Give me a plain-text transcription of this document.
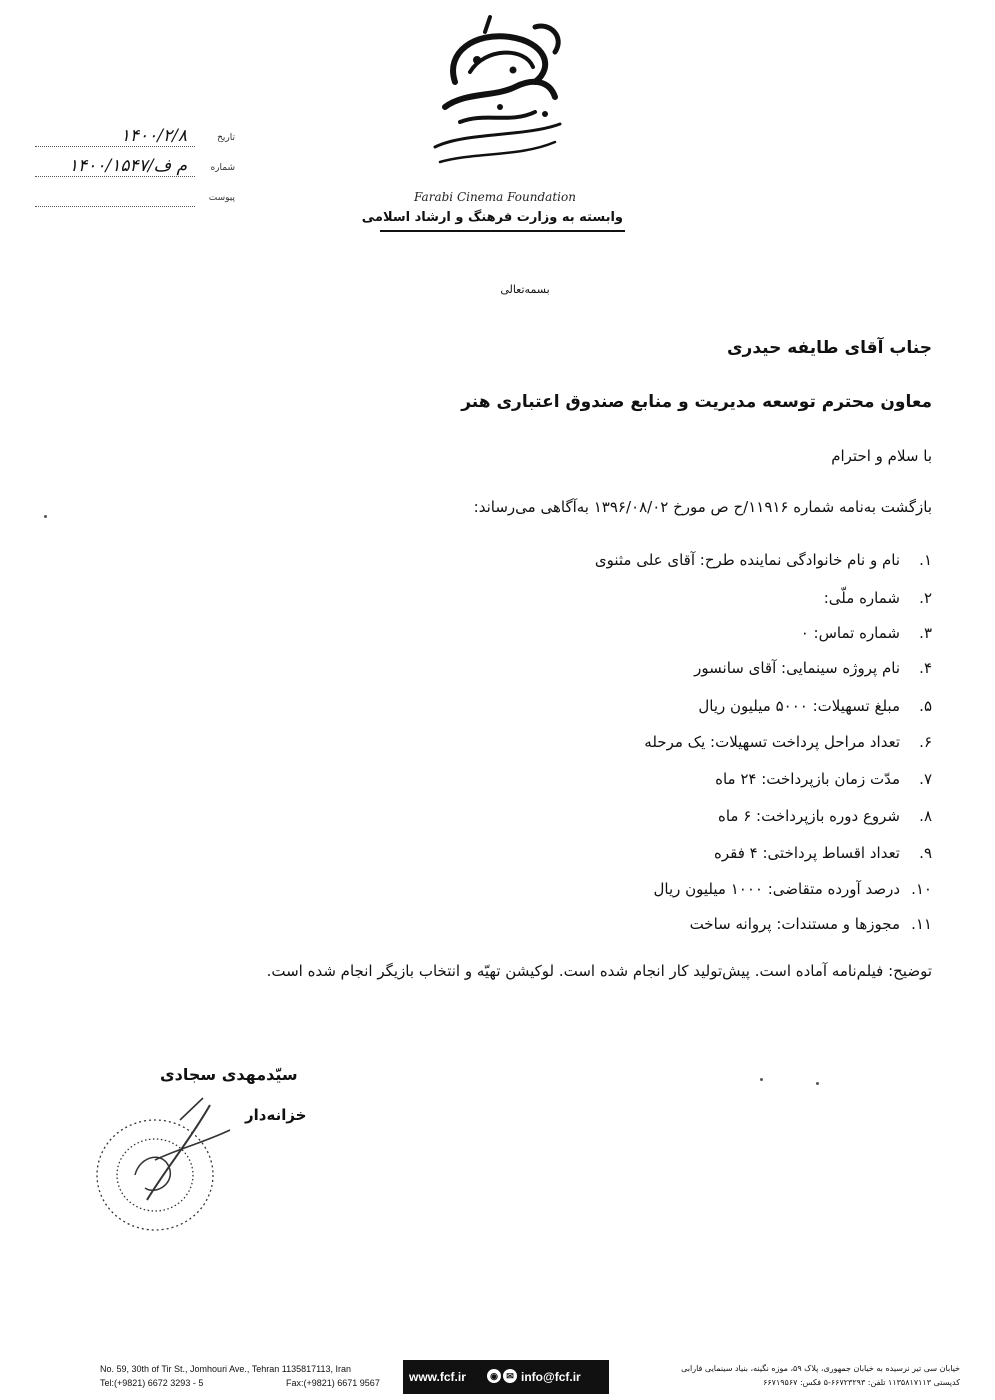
Farabi Cinema Foundation
وابسته به وزارت فرهنگ و ارشاد اسلامی
تاریخ
۱۴۰۰/۲/۸
شماره
۱۴۰۰/م ف/۱۵۴۷
پیوست
بسمه‌تعالی
جناب آقای طایفه حیدری
معاون محترم توسعه مدیریت و منابع صندوق اعتباری هنر
با سلام و احترام
بازگشت به‌نامه شماره ۱۱۹۱۶/ح ص مورخ ۱۳۹۶/۰۸/۰۲ به‌آگاهی می‌رساند:
۱.نام و نام خانوادگی نماینده طرح: آقای علی مثنوی
۲.شماره ملّی:
۳.شماره تماس: ۰
۴.نام پروژه سینمایی: آقای سانسور
۵.مبلغ تسهیلات: ۵۰۰۰ میلیون ریال
۶.تعداد مراحل پرداخت تسهیلات: یک مرحله
۷.مدّت زمان بازپرداخت: ۲۴ ماه
۸.شروع دوره بازپرداخت: ۶ ماه
۹.تعداد اقساط پرداختی: ۴ فقره
۱۰.درصد آورده متقاضی: ۱۰۰۰ میلیون ریال
۱۱.مجوزها و مستندات: پروانه ساخت
توضیح: فیلم‌نامه آماده است. پیش‌تولید کار انجام شده است. لوکیشن تهیّه و انتخاب بازیگر انجام شده است.
سیّدمهدی سجادی
خزانه‌دار
No. 59, 30th of Tir St., Jomhouri Ave., Tehran 1135817113, Iran
Tel:(+9821) 6672 3293 - 5	Fax:(+9821) 6671 9567 www.fcf.ir	◉ ✉ info@fcf.ir
خیابان سی تیر نرسیده به خیابان جمهوری، پلاک ۵۹، موزه نگینه، بنیاد سینمایی فارابی
کدپستی ۱۱۳۵۸۱۷۱۱۳ تلفن: ۶۶۷۲۳۲۹۳-۵ فکس: ۶۶۷۱۹۵۶۷
